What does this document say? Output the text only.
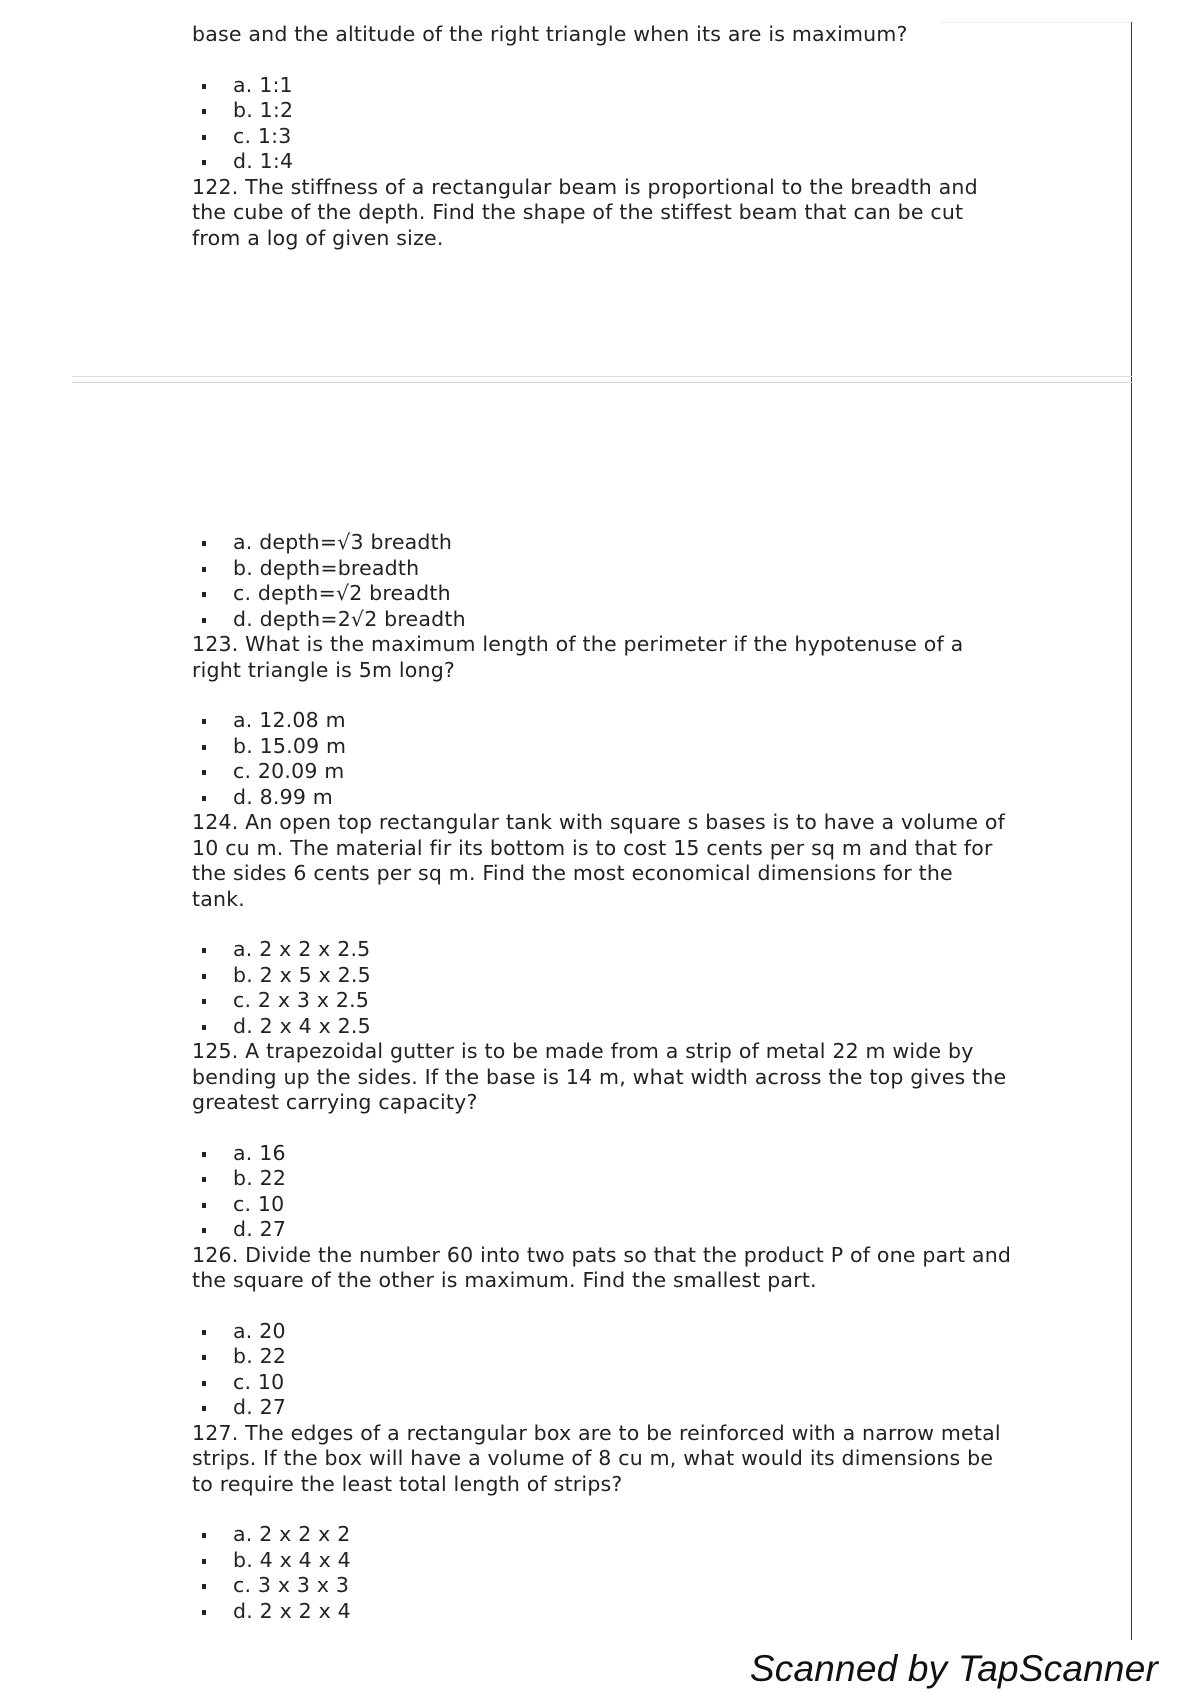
base and the altitude of the right triangle when its are is maximum?

a. 1:1
b. 1:2
c. 1:3
d. 1:4

122. The stiffness of a rectangular beam is proportional to the breadth and the cube of the depth. Find the shape of the stiffest beam that can be cut from a log of given size.

a. depth=√3 breadth
b. depth=breadth
c. depth=√2 breadth
d. depth=2√2 breadth

123. What is the maximum length of the perimeter if the hypotenuse of a right triangle is 5m long?

a. 12.08 m
b. 15.09 m
c. 20.09 m
d. 8.99 m

124. An open top rectangular tank with square s bases is to have a volume of 10 cu m. The material fir its bottom is to cost 15 cents per sq m and that for the sides 6 cents per sq m. Find the most economical dimensions for the tank.

a. 2 x 2 x 2.5
b. 2 x 5 x 2.5
c. 2 x 3 x 2.5
d. 2 x 4 x 2.5

125. A trapezoidal gutter is to be made from a strip of metal 22 m wide by bending up the sides. If the base is 14 m, what width across the top gives the greatest carrying capacity?

a. 16
b. 22
c. 10
d. 27

126. Divide the number 60 into two pats so that the product P of one part and the square of the other is maximum. Find the smallest part.

a. 20
b. 22
c. 10
d. 27

127. The edges of a rectangular box are to be reinforced with a narrow metal strips. If the box will have a volume of 8 cu m, what would its dimensions be to require the least total length of strips?

a. 2 x 2 x 2
b. 4 x 4 x 4
c. 3 x 3 x 3
d. 2 x 2 x 4
Scanned by TapScanner
